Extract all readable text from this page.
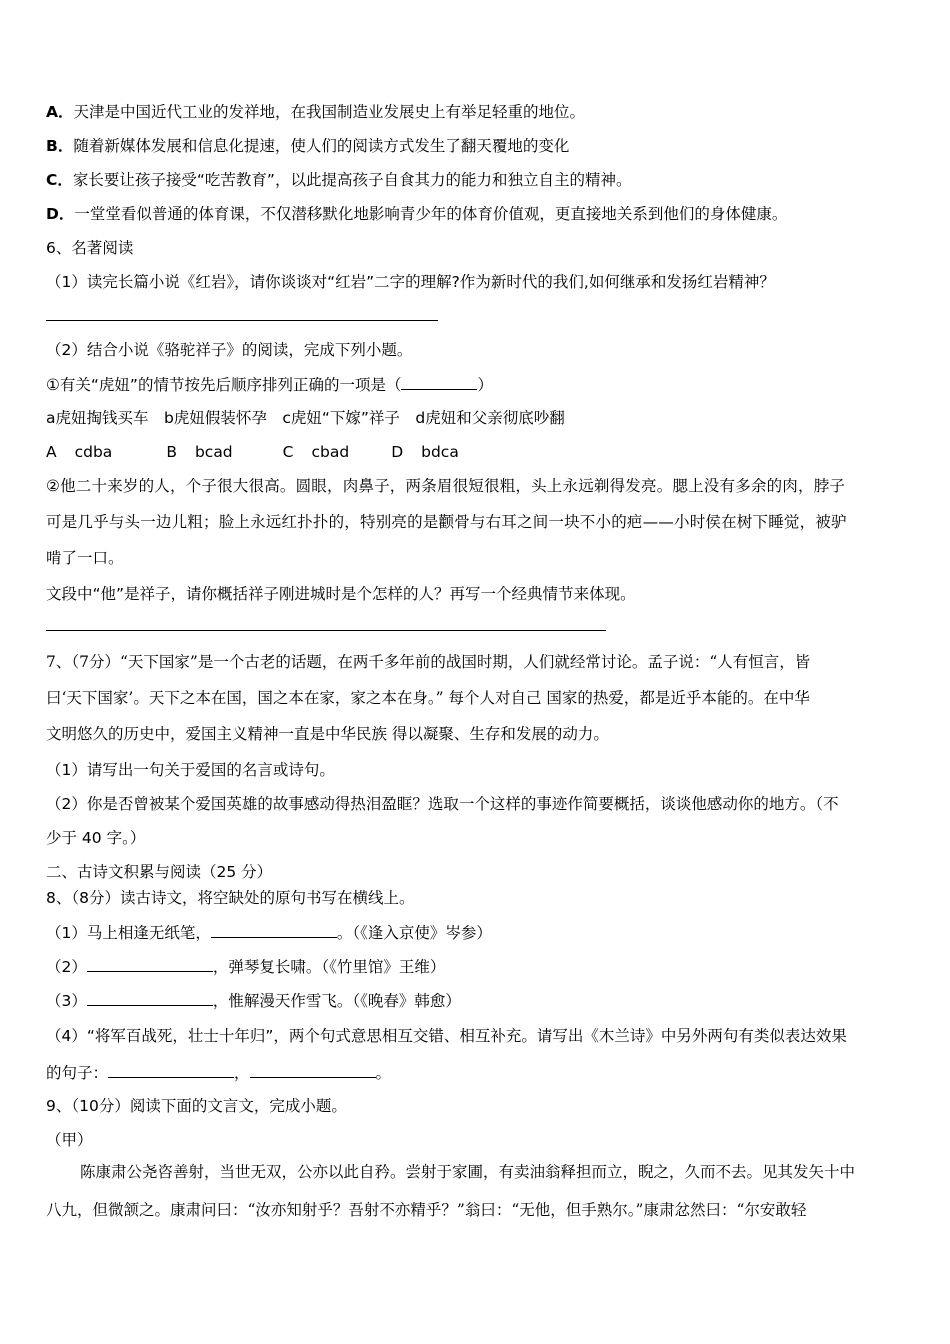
A．天津是中国近代工业的发祥地，在我国制造业发展史上有举足轻重的地位。
B．随着新媒体发展和信息化提速，使人们的阅读方式发生了翻天覆地的变化
C．家长要让孩子接受“吃苦教育”，以此提高孩子自食其力的能力和独立自主的精神。
D．一堂堂看似普通的体育课，不仅潜移默化地影响青少年的体育价值观，更直接地关系到他们的身体健康。
6、名著阅读
（1）读完长篇小说《红岩》，请你谈谈对“红岩”二字的理解?作为新时代的我们,如何继承和发扬红岩精神？
（2）结合小说《骆驼祥子》的阅读，完成下列小题。
①有关“虎妞”的情节按先后顺序排列正确的一项是（	）
a虎妞掏钱买车　b虎妞假装怀孕　c虎妞“下嫁”祥子　d虎妞和父亲彻底吵翻
A cdba	B bcad	C cbad	D bdca
②他二十来岁的人，个子很大很高。圆眼，肉鼻子，两条眉很短很粗，头上永远剃得发亮。腮上没有多余的肉，脖子
可是几乎与头一边儿粗；脸上永远红扑扑的，特别亮的是颧骨与右耳之间一块不小的疤——小时侯在树下睡觉，被驴
啃了一口。
文段中“他”是祥子，请你概括祥子刚进城时是个怎样的人？再写一个经典情节来体现。
7、（7分）“天下国家”是一个古老的话题，在两千多年前的战国时期，人们就经常讨论。孟子说：“人有恒言，皆
曰‘天下国家’。天下之本在国，国之本在家，家之本在身。” 每个人对自己 国家的热爱，都是近乎本能的。在中华
文明悠久的历史中，爱国主义精神一直是中华民族 得以凝聚、生存和发展的动力。
（1）请写出一句关于爱国的名言或诗句。
（2）你是否曾被某个爱国英雄的故事感动得热泪盈眶？选取一个这样的事迹作简要概括，谈谈他感动你的地方。（不
少于 40 字。）
二、古诗文积累与阅读（25 分）
8、（8分）读古诗文，将空缺处的原句书写在横线上。
（1）马上相逢无纸笔，	。（《逢入京使》岑参）
（2）	，弹琴复长啸。（《竹里馆》王维）
（3）	，惟解漫天作雪飞。（《晚春》韩愈）
（4）“将军百战死，壮士十年归”，两个句式意思相互交错、相互补充。请写出《木兰诗》中另外两句有类似表达效果
的句子：	，	。
9、（10分）阅读下面的文言文，完成小题。
（甲）
陈康肃公尧咨善射，当世无双，公亦以此自矜。尝射于家圃，有卖油翁释担而立，睨之，久而不去。见其发矢十中
八九，但微颔之。康肃问曰：“汝亦知射乎？吾射不亦精乎？”翁曰：“无他，但手熟尔。”康肃忿然曰：“尔安敢轻
